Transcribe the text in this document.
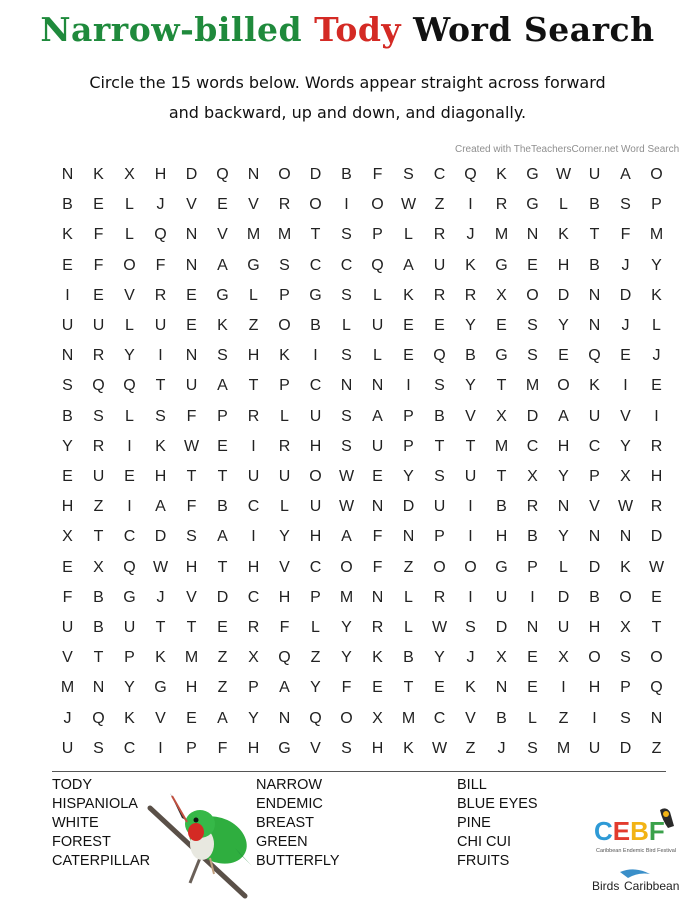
Narrow-billed Tody Word Search
Circle the 15 words below. Words appear straight across forward
and backward, up and down, and diagonally.
Created with TheTeachersCorner.net Word Search
N	K	X	H	D	Q	N	O	D	B	F	S	C	Q	K	G	W	U	A	O
B	E	L	J	V	E	V	R	O	I	O	W	Z	I	R	G	L	B	S	P
K	F	L	Q	N	V	M	M	T	S	P	L	R	J	M	N	K	T	F	M
E	F	O	F	N	A	G	S	C	C	Q	A	U	K	G	E	H	B	J	Y
I	E	V	R	E	G	L	P	G	S	L	K	R	R	X	O	D	N	D	K
U	U	L	U	E	K	Z	O	B	L	U	E	E	Y	E	S	Y	N	J	L
N	R	Y	I	N	S	H	K	I	S	L	E	Q	B	G	S	E	Q	E	J
S	Q	Q	T	U	A	T	P	C	N	N	I	S	Y	T	M	O	K	I	E
B	S	L	S	F	P	R	L	U	S	A	P	B	V	X	D	A	U	V	I
Y	R	I	K	W	E	I	R	H	S	U	P	T	T	M	C	H	C	Y	R
E	U	E	H	T	T	U	U	O	W	E	Y	S	U	T	X	Y	P	X	H
H	Z	I	A	F	B	C	L	U	W	N	D	U	I	B	R	N	V	W	R
X	T	C	D	S	A	I	Y	H	A	F	N	P	I	H	B	Y	N	N	D
E	X	Q	W	H	T	H	V	C	O	F	Z	O	O	G	P	L	D	K	W
F	B	G	J	V	D	C	H	P	M	N	L	R	I	U	I	D	B	O	E
U	B	U	T	T	E	R	F	L	Y	R	L	W	S	D	N	U	H	X	T
V	T	P	K	M	Z	X	Q	Z	Y	K	B	Y	J	X	E	X	O	S	O
M	N	Y	G	H	Z	P	A	Y	F	E	T	E	K	N	E	I	H	P	Q
J	Q	K	V	E	A	Y	N	Q	O	X	M	C	V	B	L	Z	I	S	N
U	S	C	I	P	F	H	G	V	S	H	K	W	Z	J	S	M	U	D	Z
TODY
HISPANIOLA
WHITE
FOREST
CATERPILLAR
NARROW
ENDEMIC
BREAST
GREEN
BUTTERFLY
BILL
BLUE EYES
PINE
CHI CUI
FRUITS
CEBF
Caribbean Endemic Bird Festival
Birds Caribbean
